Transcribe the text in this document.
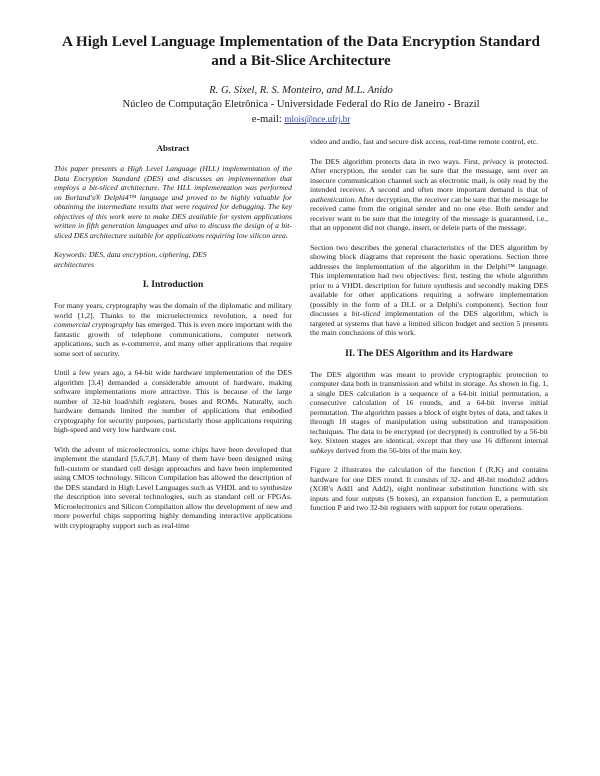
A High Level Language Implementation of the Data Encryption Standard
and a Bit-Slice Architecture
R. G. Sixel, R. S. Monteiro, and M.L. Anido
Núcleo de Computação Eletrônica - Universidade Federal do Rio de Janeiro - Brazil
e-mail: mlois@nce.ufrj.br
Abstract

This paper presents a High Level Language (HLL) implementation of the Data Encryption Standard (DES) and discusses an implementation that employs a bit-sliced architecture. The HLL implementation was performed on Borland's® Delphi4™ language and proved to be highly valuable for obtaining the intermediate results that were required for debugging. The key objectives of this work were to make DES available for system applications written in fifth generation languages and also to discuss the design of a bit-sliced DES architecture suitable for applications requiring low silicon area.

Keywords: DES, data encryption, ciphering, DES
architectures

I. Introduction

For many years, cryptography was the domain of the diplomatic and military world [1,2]. Thanks to the microelectronics revolution, a need for commercial cryptography has emerged. This is even more important with the fantastic growth of telephone communications, computer network applications, such as e-commerce, and many other applications that require some sort of security.

Until a few years ago, a 64-bit wide hardware implementation of the DES algorithm [3,4] demanded a considerable amount of hardware, making software implementations more attractive. This is because of the large number of 32-bit load/shift registers, buses and ROMs. Naturally, such hardware demands limited the number of applications that embodied cryptography for security purposes, particularly those applications requiring high-speed and very low hardware cost.

With the advent of microelectronics, some chips have been developed that implement the standard [5,6,7,8]. Many of them have been designed using full-custom or standard cell design approaches and have been implemented using CMOS technology. Silicon Compilation has allowed the description of the DES standard in High Level Languages such as VHDL and to synthesize the description into several technologies, such as standard cell or FPGAs. Microelectronics and Silicon Compilation allow the development of new and more powerful chips supporting highly demanding interactive applications with cryptography support such as real-time

video and audio, fast and secure disk access, real-time remote control, etc.

The DES algorithm protects data in two ways. First, privacy is protected. After encryption, the sender can be sure that the message, sent over an insecure communication channel such as electronic mail, is only read by the intended receiver. A second and often more important demand is that of authentication. After decryption, the receiver can be sure that the message he received came from the original sender and no one else. Both sender and receiver want to be sure that the integrity of the message is guaranteed, i.e., that an opponent did not change, insert, or delete parts of the message.

Section two describes the general characteristics of the DES algorithm by showing block diagrams that represent the basic operations. Section three addresses the implementation of the algorithm in the Delphi™ language. This implementation had two objectives: first, testing the whole algorithm prior to a VHDL description for future synthesis and secondly making DES available for other applications requiring a software implementation (possibly in the form of a DLL or a Delphi's component). Section four discusses a bit-sliced implementation of the DES algorithm, which is targeted at systems that have a limited silicon budget and section 5 presents the main conclusions of this work.

II. The DES Algorithm and its Hardware

The DES algorithm was meant to provide cryptographic protection to computer data both in transmission and whilst in storage. As shown in fig. 1, a single DES calculation is a sequence of a 64-bit initial permutation, a consecutive calculation of 16 rounds, and a 64-bit inverse initial permutation. The algorithm passes a block of eight bytes of data, and takes it through 18 stages of manipulation using substitution and transposition techniques. The data to be encrypted (or decrypted) is controlled by a 56-bit key. Sixteen stages are identical, except that they use 16 different internal subkeys derived from the 56-bits of the main key.

Figure 2 illustrates the calculation of the function f (R,K) and contains hardware for one DES round. It consists of 32- and 48-bit modulo2 adders (XOR's Add1 and Add2), eight nonlinear substitution functions with six inputs and four outputs (S boxes), an expansion function E, a permutation function P and two 32-bit registers with support for rotate operations.
